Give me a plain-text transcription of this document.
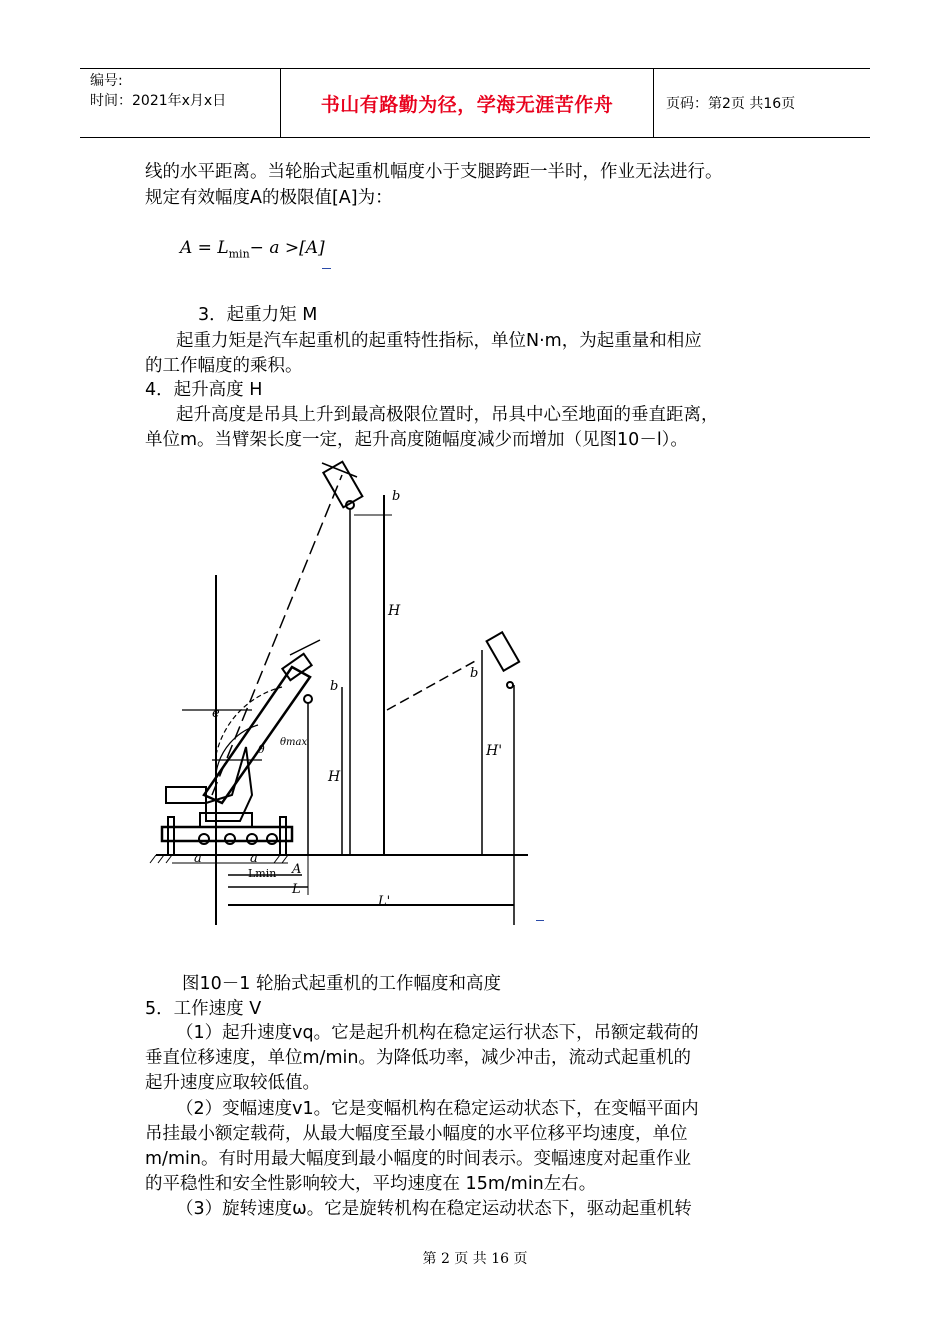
编号:
时间：2021年x月x日	书山有路勤为径，学海无涯苦作舟	页码：第2页 共16页
线的水平距离。当轮胎式起重机幅度小于支腿跨距一半时，作业无法进行。
规定有效幅度A的极限值[A]为：
$A = L_{min}- a >[A]$
3．起重力矩 M
起重力矩是汽车起重机的起重特性指标，单位N·m，为起重量和相应
的工作幅度的乘积。
4．起升高度 H
起升高度是吊具上升到最高极限位置时，吊具中心至地面的垂直距离，
单位m。当臂架长度一定，起升高度随幅度减少而增加（见图10－l）。
b
H
b
H
H'
b
e
θ
θmax
a	a
A
Lmin
L
L'
图10－1 轮胎式起重机的工作幅度和高度
5．工作速度 V
（1）起升速度vq。它是起升机构在稳定运行状态下，吊额定载荷的
垂直位移速度，单位m/min。为降低功率，减少冲击，流动式起重机的
起升速度应取较低值。
（2）变幅速度v1。它是变幅机构在稳定运动状态下，在变幅平面内
吊挂最小额定载荷，从最大幅度至最小幅度的水平位移平均速度，单位
m/min。有时用最大幅度到最小幅度的时间表示。变幅速度对起重作业
的平稳性和安全性影响较大，平均速度在 15m/min左右。
（3）旋转速度ω。它是旋转机构在稳定运动状态下，驱动起重机转
第 2 页 共 16 页
